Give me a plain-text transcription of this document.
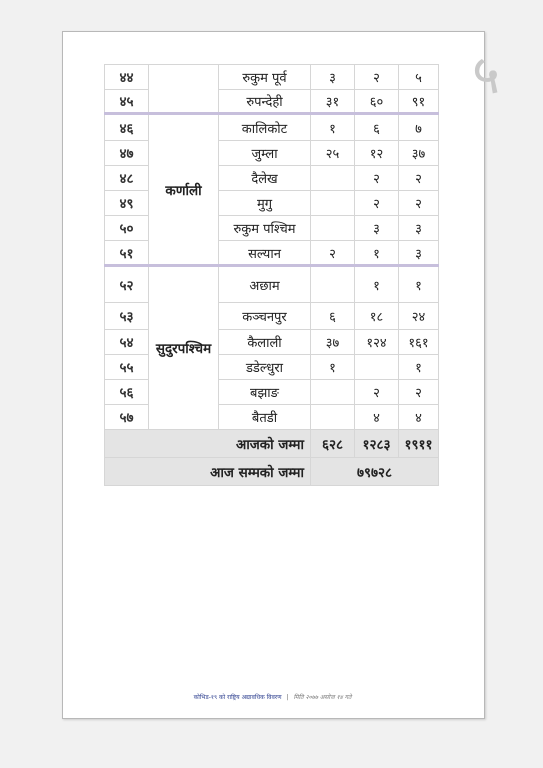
५
४४		रुकुम पूर्व	३	२	५
४५		रुपन्देही	३१	६०	९१
४६	कर्णाली	कालिकोट	१	६	७
४७		जुम्ला	२५	१२	३७
४८		दैलेख		२	२
४९		मुगु		२	२
५०		रुकुम पश्चिम		३	३
५१		सल्यान	२	१	३
५२	सुदुरपश्चिम	अछाम		१	१
५३		कञ्चनपुर	६	१८	२४
५४		कैलाली	३७	१२४	१६१
५५		डडेल्धुरा	१		१
५६		बझाङ		२	२
५७		बैतडी		४	४
आजको जम्मा			६२८	१२८३	१९११
आज सम्मको जम्मा			७९७२८		
कोभिड-१९ को राष्ट्रिय अद्यावधिक विवरण | मिति २०७७ असोज १४ गते
